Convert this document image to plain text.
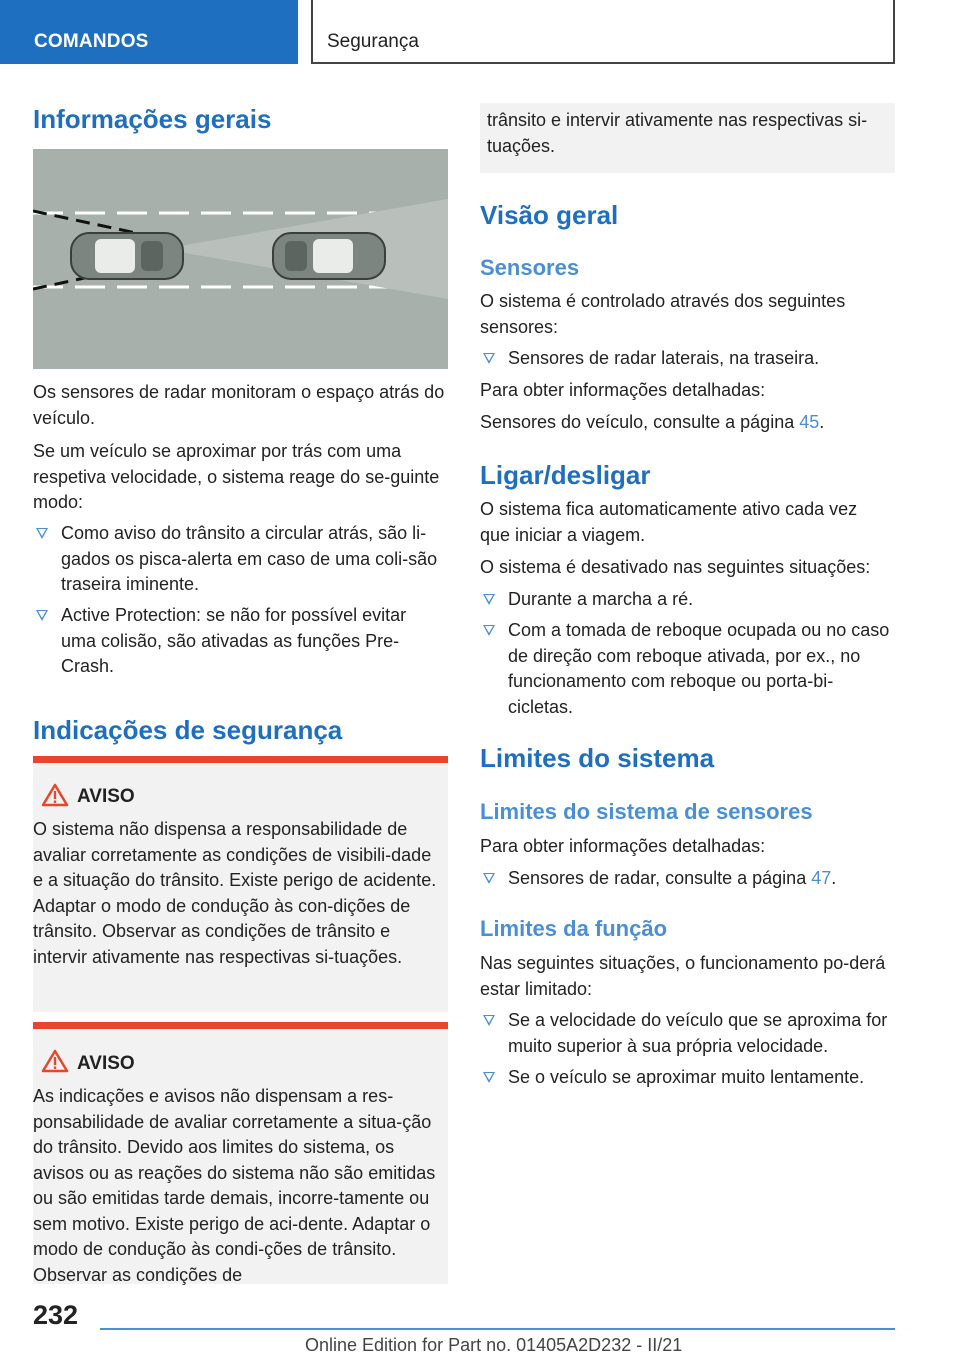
COMANDOS	Segurança
Informações gerais

Os sensores de radar monitoram o espaço atrás do veículo.

Se um veículo se aproximar por trás com uma respetiva velocidade, o sistema reage do se-guinte modo:

Como aviso do trânsito a circular atrás, são li-gados os pisca-alerta em caso de uma coli-são traseira iminente.
Active Protection: se não for possível evitar uma colisão, são ativadas as funções Pre-Crash.
Indicações de segurança
AVISO
O sistema não dispensa a responsabilidade de avaliar corretamente as condições de visibili-dade e a situação do trânsito. Existe perigo de acidente. Adaptar o modo de condução às con-dições de trânsito. Observar as condições de trânsito e intervir ativamente nas respectivas si-tuações.
AVISO
As indicações e avisos não dispensam a res-ponsabilidade de avaliar corretamente a situa-ção do trânsito. Devido aos limites do sistema, os avisos ou as reações do sistema não são emitidas ou são emitidas tarde demais, incorre-tamente ou sem motivo. Existe perigo de aci-dente. Adaptar o modo de condução às condi-ções de trânsito. Observar as condições de
trânsito e intervir ativamente nas respectivas si-tuações.
Visão geral
Sensores

O sistema é controlado através dos seguintes sensores:

Sensores de radar laterais, na traseira.

Para obter informações detalhadas:

Sensores do veículo, consulte a página 45.

Ligar/desligar

O sistema fica automaticamente ativo cada vez que iniciar a viagem.

O sistema é desativado nas seguintes situações:

Durante a marcha a ré.
Com a tomada de reboque ocupada ou no caso de direção com reboque ativada, por ex., no funcionamento com reboque ou porta-bi-cicletas.
Limites do sistema
Limites do sistema de sensores

Para obter informações detalhadas:

Sensores de radar, consulte a página 47.
Limites da função

Nas seguintes situações, o funcionamento po-derá estar limitado:

Se a velocidade do veículo que se aproxima for muito superior à sua própria velocidade.
Se o veículo se aproximar muito lentamente.
232
Online Edition for Part no. 01405A2D232 - II/21
